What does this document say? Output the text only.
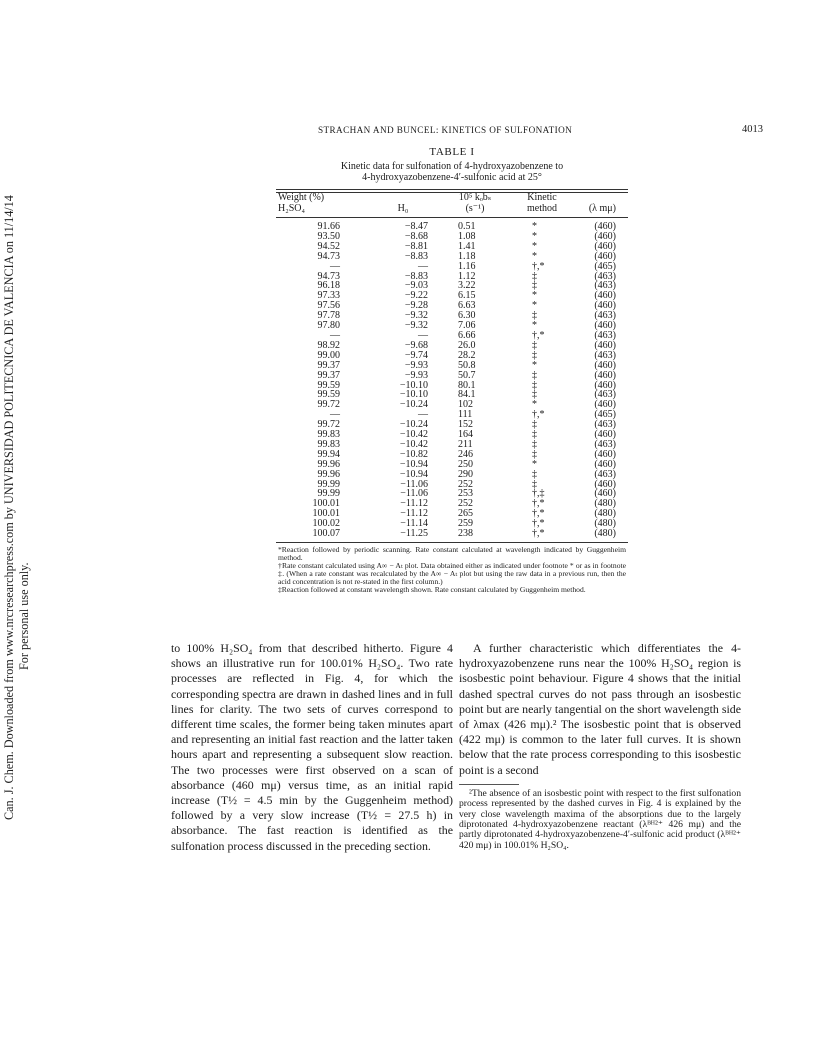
Can. J. Chem. Downloaded from www.nrcresearchpress.com by UNIVERSIDAD POLITECNICA DE VALENCIA on 11/14/14 For personal use only.
STRACHAN AND BUNCEL: KINETICS OF SULFONATION	4013
TABLE I
Kinetic data for sulfonation of 4-hydroxyazobenzene to
4-hydroxyazobenzene-4′-sulfonic acid at 25°
Weight (%)		10⁵ kₒbₛ	Kinetic	
H₂SO₄	H₀	(s⁻¹)	method	(λ mμ)

91.66	−8.47	0.51	*	(460)
93.50	−8.68	1.08	*	(460)
94.52	−8.81	1.41	*	(460)
94.73	−8.83	1.18	*	(460)
—	—	1.16	†,*	(465)
94.73	−8.83	1.12	‡	(463)
96.18	−9.03	3.22	‡	(463)
97.33	−9.22	6.15	*	(460)
97.56	−9.28	6.63	*	(460)
97.78	−9.32	6.30	‡	(463)
97.80	−9.32	7.06	*	(460)
—	—	6.66	†,*	(463)
98.92	−9.68	26.0	‡	(460)
99.00	−9.74	28.2	‡	(463)
99.37	−9.93	50.8	*	(460)
99.37	−9.93	50.7	‡	(460)
99.59	−10.10	80.1	‡	(460)
99.59	−10.10	84.1	‡	(463)
99.72	−10.24	102	*	(460)
—	—	111	†,*	(465)
99.72	−10.24	152	‡	(463)
99.83	−10.42	164	‡	(460)
99.83	−10.42	211	‡	(463)
99.94	−10.82	246	‡	(460)
99.96	−10.94	250	*	(460)
99.96	−10.94	290	‡	(463)
99.99	−11.06	252	‡	(460)
99.99	−11.06	253	†,‡	(460)
100.01	−11.12	252	†,*	(480)
100.01	−11.12	265	†,*	(480)
100.02	−11.14	259	†,*	(480)
100.07	−11.25	238	†,*	(480)
*Reaction followed by periodic scanning. Rate constant calculated at wavelength indicated by Guggenheim method.
†Rate constant calculated using A∞ − Aₜ plot. Data obtained either as indicated under footnote * or as in footnote ‡. (When a rate constant was recalculated by the A∞ − Aₜ plot but using the raw data in a previous run, then the acid concentration is not re-stated in the first column.)
‡Reaction followed at constant wavelength shown. Rate constant calculated by Guggenheim method.

to 100% H₂SO₄ from that described hitherto. Figure 4 shows an illustrative run for 100.01% H₂SO₄. Two rate processes are reflected in Fig. 4, for which the corresponding spectra are drawn in dashed lines and in full lines for clarity. The two sets of curves correspond to different time scales, the former being taken minutes apart and representing an initial fast reaction and the latter taken hours apart and representing a subsequent slow reaction. The two processes were first observed on a scan of absorbance (460 mμ) versus time, as an initial rapid increase (T½ = 4.5 min by the Guggenheim method) followed by a very slow increase (T½ = 27.5 h) in absorbance. The fast reaction is identified as the sulfonation process discussed in the preceding section.

A further characteristic which differentiates the 4-hydroxyazobenzene runs near the 100% H₂SO₄ region is isosbestic point behaviour. Figure 4 shows that the initial dashed spectral curves do not pass through an isosbestic point but are nearly tangential on the short wavelength side of λmax (426 mμ).² The isosbestic point that is observed (422 mμ) is common to the later full curves. It is shown below that the rate process corresponding to this isosbestic point is a second

²The absence of an isosbestic point with respect to the first sulfonation process represented by the dashed curves in Fig. 4 is explained by the very close wavelength maxima of the absorptions due to the largely diprotonated 4-hydroxyazobenzene reactant (λᴮᴴ²⁺ 426 mμ) and the partly diprotonated 4-hydroxyazobenzene-4′-sulfonic acid product (λᴮᴴ²⁺ 420 mμ) in 100.01% H₂SO₄.
